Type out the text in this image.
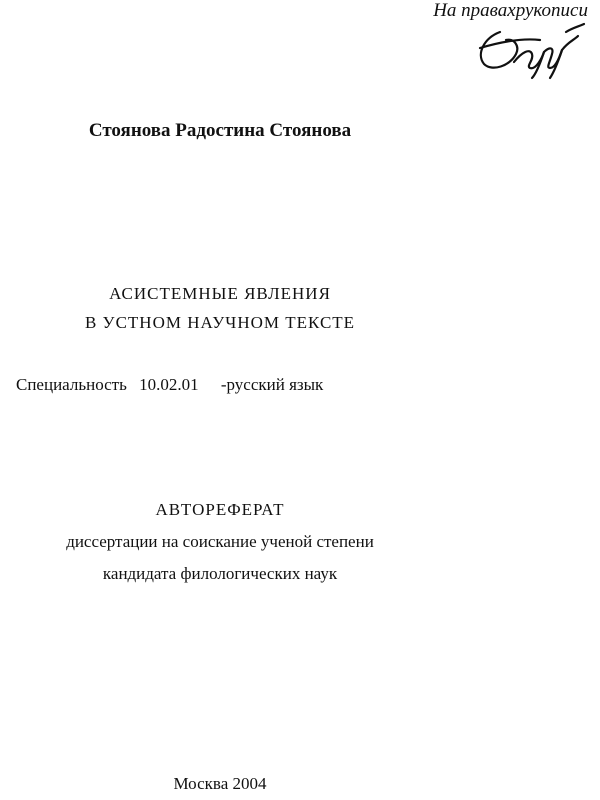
На правахрукописи
Стоянова Радостина Стоянова
АСИСТЕМНЫЕ ЯВЛЕНИЯ
В УСТНОМ НАУЧНОМ ТЕКСТЕ
Специальность 10.02.01 -русский язык
АВТОРЕФЕРАТ
диссертации на соискание ученой степени
кандидата филологических наук
Москва 2004
